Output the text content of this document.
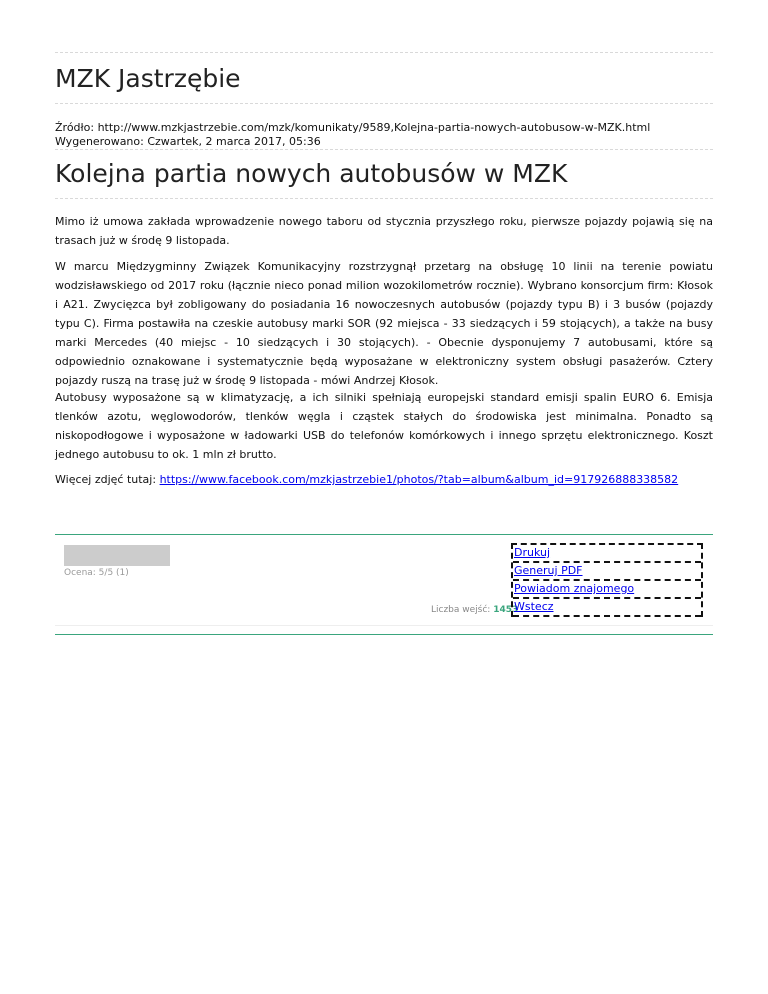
MZK Jastrzębie
Źródło: http://www.mzkjastrzebie.com/mzk/komunikaty/9589,Kolejna-partia-nowych-autobusow-w-MZK.html
Wygenerowano: Czwartek, 2 marca 2017, 05:36
Kolejna partia nowych autobusów w MZK

Mimo iż umowa zakłada wprowadzenie nowego taboru od stycznia przyszłego roku, pierwsze pojazdy pojawią się na trasach już w środę 9 listopada.

W marcu Międzygminny Związek Komunikacyjny rozstrzygnął przetarg na obsługę 10 linii na terenie powiatu wodzisławskiego od 2017 roku (łącznie nieco ponad milion wozokilometrów rocznie). Wybrano konsorcjum firm: Kłosok i A21. Zwycięzca był zobligowany do posiadania 16 nowoczesnych autobusów (pojazdy typu B) i 3 busów (pojazdy typu C). Firma postawiła na czeskie autobusy marki SOR (92 miejsca - 33 siedzących i 59 stojących), a także na busy marki Mercedes (40 miejsc - 10 siedzących i 30 stojących). - Obecnie dysponujemy 7 autobusami, które są odpowiednio oznakowane i systematycznie będą wyposażane w elektroniczny system obsługi pasażerów. Cztery pojazdy ruszą na trasę już w środę 9 listopada - mówi Andrzej Kłosok.

Autobusy wyposażone są w klimatyzację, a ich silniki spełniają europejski standard emisji spalin EURO 6. Emisja tlenków azotu, węglowodorów, tlenków węgla i cząstek stałych do środowiska jest minimalna. Ponadto są niskopodłogowe i wyposażone w ładowarki USB do telefonów komórkowych i innego sprzętu elektronicznego. Koszt jednego autobusu to ok. 1 mln zł brutto.

Więcej zdjęć tutaj: https://www.facebook.com/mzkjastrzebie1/photos/?tab=album&album_id=917926888338582

Ocena: 5/5 (1)
Liczba wejść: 1453
Drukuj
Generuj PDF
Powiadom znajomego
Wstecz
